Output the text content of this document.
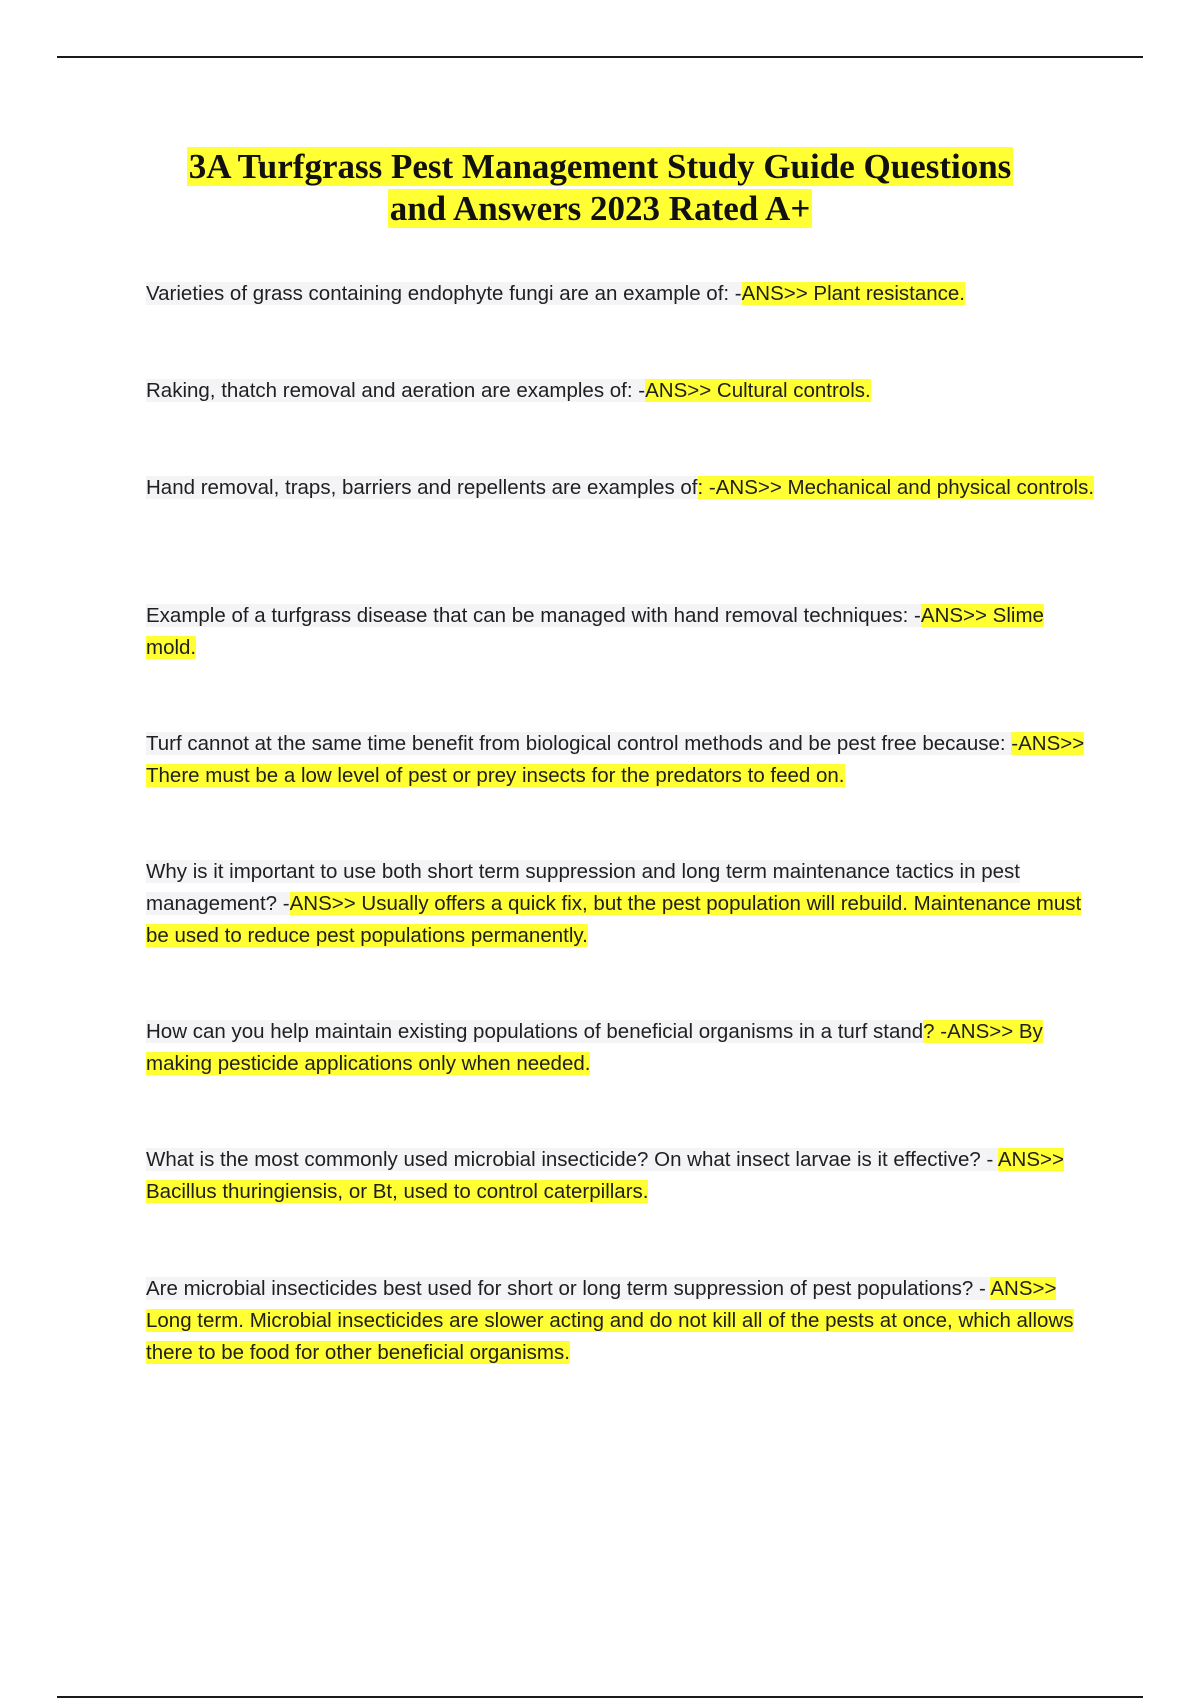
3A Turfgrass Pest Management Study Guide Questions
and Answers 2023 Rated A+

Varieties of grass containing endophyte fungi are an example of: -ANS>> Plant resistance.

Raking, thatch removal and aeration are examples of: -ANS>> Cultural controls.

Hand removal, traps, barriers and repellents are examples of: -ANS>> Mechanical and physical controls.

Example of a turfgrass disease that can be managed with hand removal techniques: -ANS>> Slime mold.

Turf cannot at the same time benefit from biological control methods and be pest free because: -ANS>> There must be a low level of pest or prey insects for the predators to feed on.

Why is it important to use both short term suppression and long term maintenance tactics in pest management? -ANS>> Usually offers a quick fix, but the pest population will rebuild. Maintenance must be used to reduce pest populations permanently.

How can you help maintain existing populations of beneficial organisms in a turf stand? -ANS>> By making pesticide applications only when needed.

What is the most commonly used microbial insecticide? On what insect larvae is it effective? - ANS>> Bacillus thuringiensis, or Bt, used to control caterpillars.

Are microbial insecticides best used for short or long term suppression of pest populations? - ANS>> Long term. Microbial insecticides are slower acting and do not kill all of the pests at once, which allows there to be food for other beneficial organisms.
